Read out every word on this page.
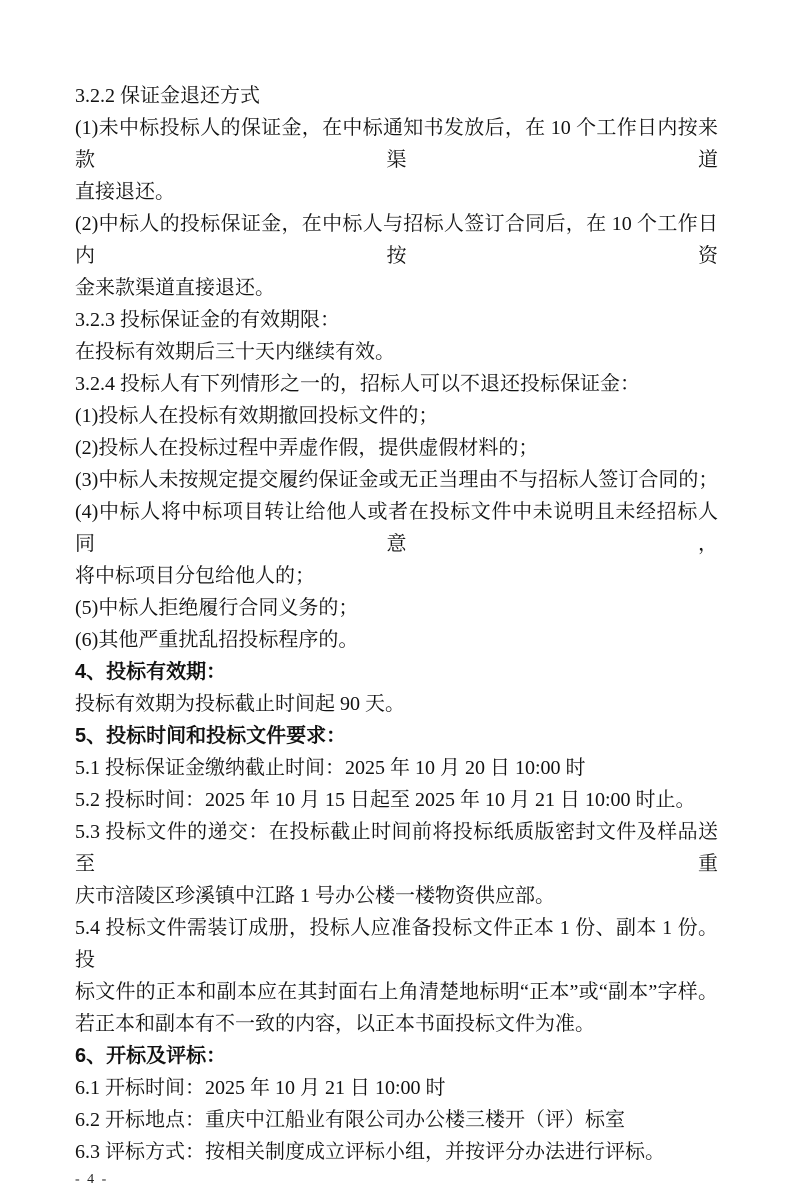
3.2.2 保证金退还方式
(1)未中标投标人的保证金，在中标通知书发放后，在 10 个工作日内按来款渠道
直接退还。
(2)中标人的投标保证金，在中标人与招标人签订合同后，在 10 个工作日内按资
金来款渠道直接退还。
3.2.3 投标保证金的有效期限：
在投标有效期后三十天内继续有效。
3.2.4 投标人有下列情形之一的，招标人可以不退还投标保证金：
(1)投标人在投标有效期撤回投标文件的；
(2)投标人在投标过程中弄虚作假，提供虚假材料的；
(3)中标人未按规定提交履约保证金或无正当理由不与招标人签订合同的；
(4)中标人将中标项目转让给他人或者在投标文件中未说明且未经招标人同意，
将中标项目分包给他人的；
(5)中标人拒绝履行合同义务的；
(6)其他严重扰乱招投标程序的。
4、投标有效期：
投标有效期为投标截止时间起 90 天。
5、投标时间和投标文件要求：
5.1 投标保证金缴纳截止时间：2025 年 10 月 20 日 10:00 时
5.2 投标时间：2025 年 10 月 15 日起至 2025 年 10 月 21 日 10:00 时止。
5.3 投标文件的递交：在投标截止时间前将投标纸质版密封文件及样品送至重
庆市涪陵区珍溪镇中江路 1 号办公楼一楼物资供应部。
5.4 投标文件需装订成册，投标人应准备投标文件正本 1 份、副本 1 份。投
标文件的正本和副本应在其封面右上角清楚地标明“正本”或“副本”字样。
若正本和副本有不一致的内容，以正本书面投标文件为准。
6、开标及评标：
6.1 开标时间：2025 年 10 月 21 日 10:00 时
6.2 开标地点：重庆中江船业有限公司办公楼三楼开（评）标室
6.3 评标方式：按相关制度成立评标小组，并按评分办法进行评标。
- 4 -
